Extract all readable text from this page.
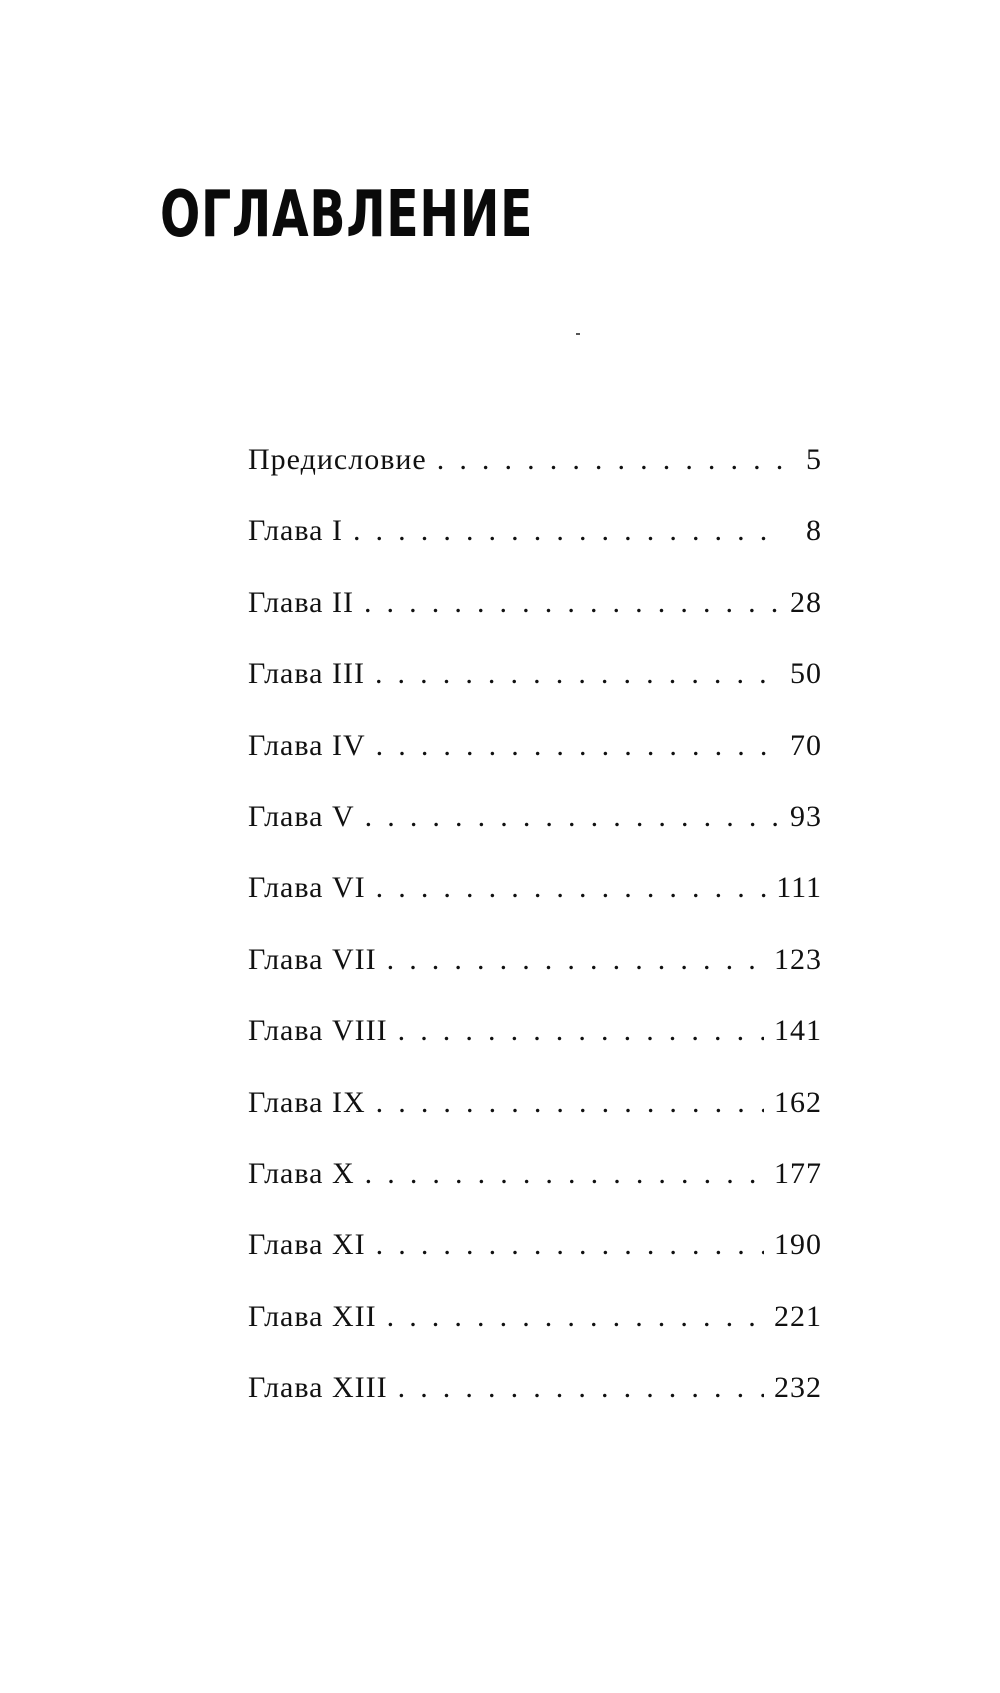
ОГЛАВЛЕНИЕ
Предисловие . . .	5
Глава I . . .	8
Глава II . . .	28
Глава III . . .	50
Глава IV . . .	70
Глава V . . .	93
Глава VI . . .	111
Глава VII . . .	123
Глава VIII . . .	141
Глава IX . . .	162
Глава X . . .	177
Глава XI . . .	190
Глава XII . . .	221
Глава XIII . . .	232
